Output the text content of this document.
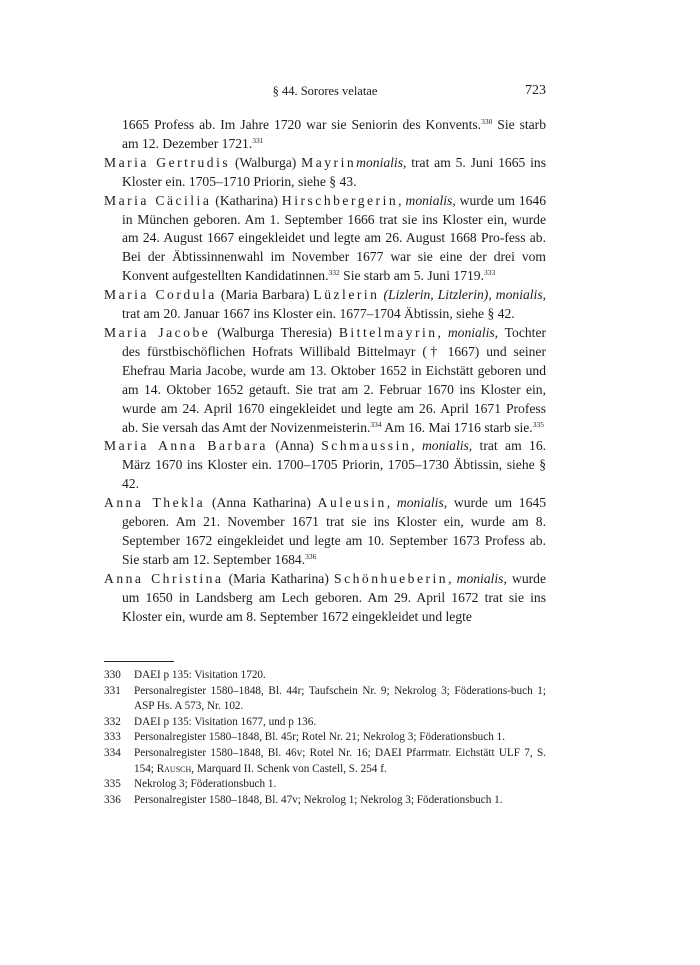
§ 44. Sorores velatae	723

1665 Profess ab. Im Jahre 1720 war sie Seniorin des Konvents.$^{330}$ Sie starb am 12. Dezember 1721.$^{331}$

Maria Gertrudis (Walburga) Mayrinmonialis, trat am 5. Juni 1665 ins Kloster ein. 1705–1710 Priorin, siehe § 43.

Maria Cäcilia (Katharina) Hirschbergerin, monialis, wurde um 1646 in München geboren. Am 1. September 1666 trat sie ins Kloster ein, wurde am 24. August 1667 eingekleidet und legte am 26. August 1668 Pro-fess ab. Bei der Äbtissinnenwahl im November 1677 war sie eine der drei vom Konvent aufgestellten Kandidatinnen.$^{332}$ Sie starb am 5. Juni 1719.$^{333}$

Maria Cordula (Maria Barbara) Lüzlerin (Lizlerin, Litzlerin), monialis, trat am 20. Januar 1667 ins Kloster ein. 1677–1704 Äbtissin, siehe § 42.

Maria Jacobe (Walburga Theresia) Bittelmayrin, monialis, Tochter des fürstbischöflichen Hofrats Willibald Bittelmayr († 1667) und seiner Ehefrau Maria Jacobe, wurde am 13. Oktober 1652 in Eichstätt geboren und am 14. Oktober 1652 getauft. Sie trat am 2. Februar 1670 ins Kloster ein, wurde am 24. April 1670 eingekleidet und legte am 26. April 1671 Profess ab. Sie versah das Amt der Novizenmeisterin.$^{334}$ Am 16. Mai 1716 starb sie.$^{335}$

Maria Anna Barbara (Anna) Schmaussin, monialis, trat am 16. März 1670 ins Kloster ein. 1700–1705 Priorin, 1705–1730 Äbtissin, siehe § 42.

Anna Thekla (Anna Katharina) Auleusin, monialis, wurde um 1645 geboren. Am 21. November 1671 trat sie ins Kloster ein, wurde am 8. September 1672 eingekleidet und legte am 10. September 1673 Profess ab. Sie starb am 12. September 1684.$^{336}$

Anna Christina (Maria Katharina) Schönhueberin, monialis, wurde um 1650 in Landsberg am Lech geboren. Am 29. April 1672 trat sie ins Kloster ein, wurde am 8. September 1672 eingekleidet und legte

330 DAEI p 135: Visitation 1720.
331 Personalregister 1580–1848, Bl. 44r; Taufschein Nr. 9; Nekrolog 3; Föderations-buch 1; ASP Hs. A 573, Nr. 102.
332 DAEI p 135: Visitation 1677, und p 136.
333 Personalregister 1580–1848, Bl. 45r; Rotel Nr. 21; Nekrolog 3; Föderationsbuch 1.
334 Personalregister 1580–1848, Bl. 46v; Rotel Nr. 16; DAEI Pfarrmatr. Eichstätt ULF 7, S. 154; Rausch, Marquard II. Schenk von Castell, S. 254 f.
335 Nekrolog 3; Föderationsbuch 1.
336 Personalregister 1580–1848, Bl. 47v; Nekrolog 1; Nekrolog 3; Föderationsbuch 1.
